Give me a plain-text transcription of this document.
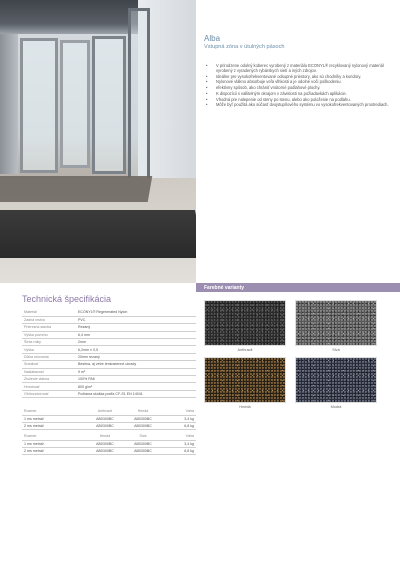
Alba
Vstupná zóna v útulných pásoch
• V prirodzene odolný koberec vyrobený z materiálu ECONYL® recyklovaný nylonový materiál vyrobený z vyradených rybárskych sietí a iných zdrojov.
• Ideálne pre vysokofrekventované odsupné priestory, ako sú chodníky a koridory.
• Nylonové vlákno absorbuje veľa vlhkosti a je odolné voči poškodeniu.
• efektívny spôsob, ako chrániť vnútorné podlahové plochy.
• K dispozícii s vallitelným okrajom v závislosti na požiadavkách aplikácie.
• Vhodná pre nalepenie od steny po stenu, alebo ako položenie na podlahu.
• Môže byť použitá ako súčasť dvojstupňového systému vo vysokofrekventovaných prostrediach.
Farebné varianty
Anthracit	Sivá
Hnedá	Modrá
Technická špecifikácia
Materiál	ECONYL® Regenerated Nylon
Zadná vrstva	PVC
Prierezná stavba	Rezaný
Výška povrchu	6,4 mm
Šírka rolky	2mm
Výška	6,2mm ± 0,5
Dĺžka rolovania	20mm rezaný
Sranitosť	Bestina, aj vetre tenkostenné ukrady
Nasiakavosť	9 m²
Zloženie vlákna	100% PA6
Hmotnosť	800 g/m²
Ohňovzdornosť	Požiarna skúška podľa CF-S1 EN 14041
Rozmer	Anthracit	Hnedá	Váha
1 ms metráž	AB0300BC	AB0300BC	3,4 kg
2 ms metráž	AB0300BC	AB0300BC	6,8 kg
Rozmer	Hnedá	Sivá	Váha
1 ms metráž	AB0300BC	AB0300BC	3,4 kg
2 ms metráž	AB0300BC	AB0300BC	6,8 kg
